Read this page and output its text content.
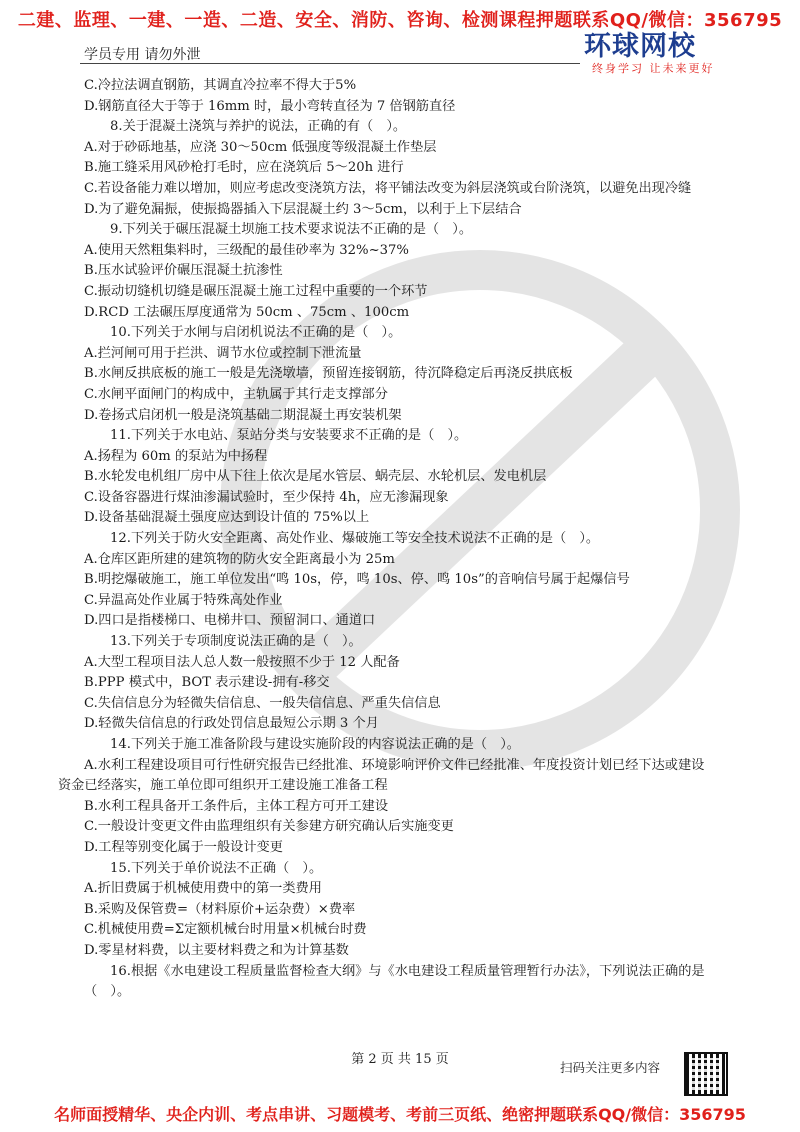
二建、监理、一建、一造、二造、安全、消防、咨询、检测课程押题联系QQ/微信：356795
学员专用 请勿外泄	环球网校
终身学习 让未来更好
C.冷拉法调直钢筋，其调直冷拉率不得大于5%
D.钢筋直径大于等于 16mm 时，最小弯转直径为 7 倍钢筋直径
8.关于混凝土浇筑与养护的说法，正确的有（　）。
A.对于砂砾地基，应浇 30～50cm 低强度等级混凝土作垫层
B.施工缝采用风砂枪打毛时，应在浇筑后 5～20h 进行
C.若设备能力难以增加，则应考虑改变浇筑方法，将平铺法改变为斜层浇筑或台阶浇筑，以避免出现冷缝
D.为了避免漏振，使振捣器插入下层混凝土约 3～5cm，以利于上下层结合
9.下列关于碾压混凝土坝施工技术要求说法不正确的是（　）。
A.使用天然粗集料时，三级配的最佳砂率为 32%~37%
B.压水试验评价碾压混凝土抗渗性
C.振动切缝机切缝是碾压混凝土施工过程中重要的一个环节
D.RCD 工法碾压厚度通常为 50cm 、75cm 、100cm
10.下列关于水闸与启闭机说法不正确的是（　）。
A.拦河闸可用于拦洪、调节水位或控制下泄流量
B.水闸反拱底板的施工一般是先浇墩墙，预留连接钢筋，待沉降稳定后再浇反拱底板
C.水闸平面闸门的构成中，主轨属于其行走支撑部分
D.卷扬式启闭机一般是浇筑基础二期混凝土再安装机架
11.下列关于水电站、泵站分类与安装要求不正确的是（　）。
A.扬程为 60m 的泵站为中扬程
B.水轮发电机组厂房中从下往上依次是尾水管层、蜗壳层、水轮机层、发电机层
C.设备容器进行煤油渗漏试验时，至少保持 4h，应无渗漏现象
D.设备基础混凝土强度应达到设计值的 75%以上
12.下列关于防火安全距离、高处作业、爆破施工等安全技术说法不正确的是（　）。
A.仓库区距所建的建筑物的防火安全距离最小为 25m
B.明挖爆破施工，施工单位发出“鸣 10s，停，鸣 10s、停、鸣 10s”的音响信号属于起爆信号
C.异温高处作业属于特殊高处作业
D.四口是指楼梯口、电梯井口、预留洞口、通道口
13.下列关于专项制度说法正确的是（　）。
A.大型工程项目法人总人数一般按照不少于 12 人配备
B.PPP 模式中，BOT 表示建设-拥有-移交
C.失信信息分为轻微失信信息、一般失信信息、严重失信信息
D.轻微失信信息的行政处罚信息最短公示期 3 个月
14.下列关于施工准备阶段与建设实施阶段的内容说法正确的是（　）。
A.水利工程建设项目可行性研究报告已经批准、环境影响评价文件已经批准、年度投资计划已经下达或建设资金已经落实，施工单位即可组织开工建设施工准备工程
B.水利工程具备开工条件后，主体工程方可开工建设
C.一般设计变更文件由监理组织有关参建方研究确认后实施变更
D.工程等别变化属于一般设计变更
15.下列关于单价说法不正确（　）。
A.折旧费属于机械使用费中的第一类费用
B.采购及保管费=（材料原价+运杂费）×费率
C.机械使用费=Σ定额机械台时用量×机械台时费
D.零星材料费，以主要材料费之和为计算基数
16.根据《水电建设工程质量监督检查大纲》与《水电建设工程质量管理暂行办法》，下列说法正确的是（　）。
第 2 页 共 15 页
扫码关注更多内容
名师面授精华、央企内训、考点串讲、习题模考、考前三页纸、绝密押题联系QQ/微信：356795
